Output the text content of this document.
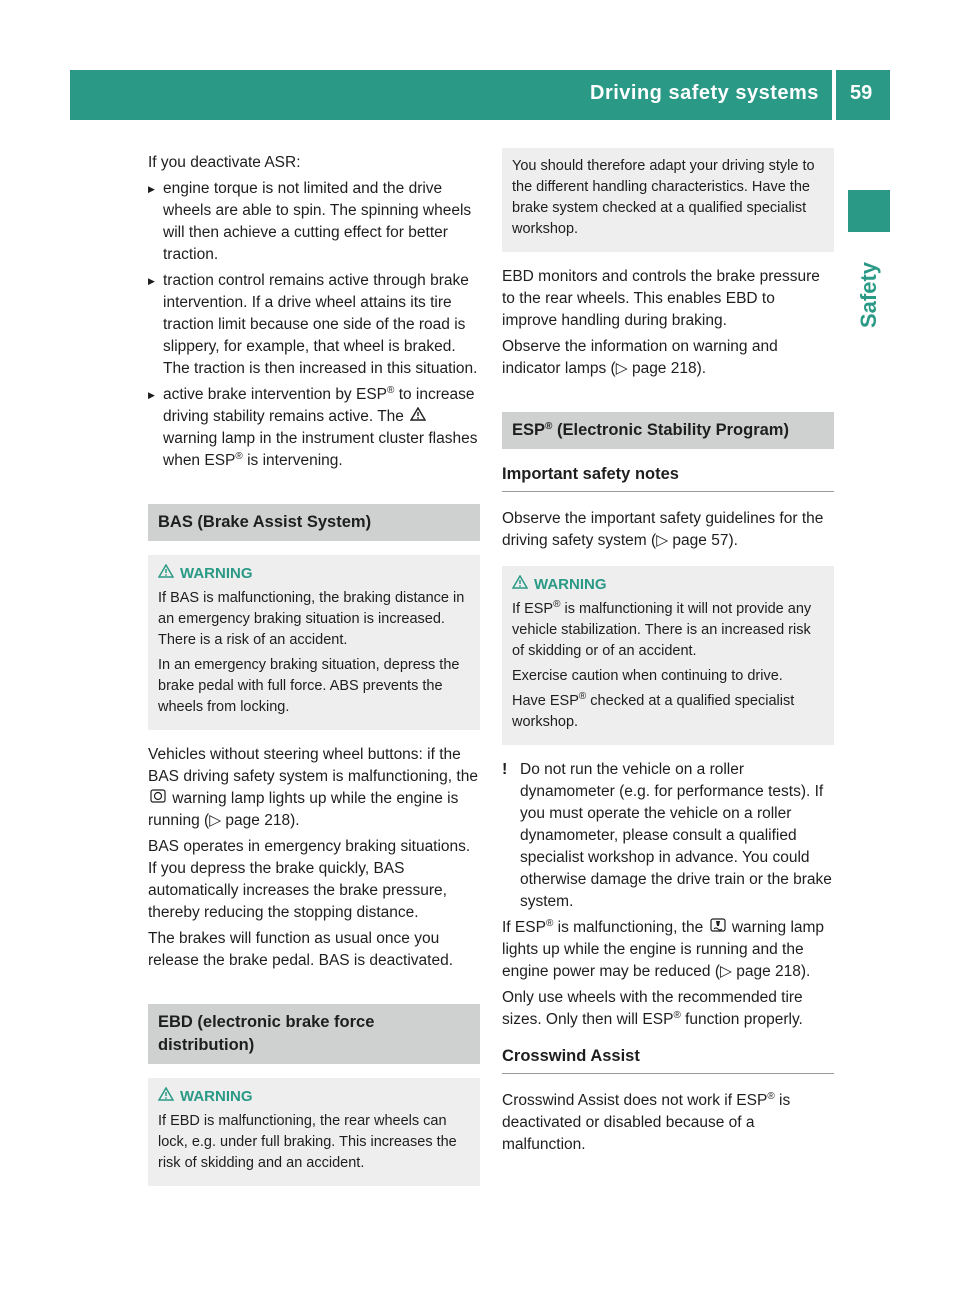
Driving safety systems 59
Safety

If you deactivate ASR:

▶ engine torque is not limited and the drive wheels are able to spin. The spinning wheels will then achieve a cutting effect for better traction.
▶ traction control remains active through brake intervention. If a drive wheel attains its tire traction limit because one side of the road is slippery, for example, that wheel is braked. The traction is then increased in this situation.
▶ active brake intervention by ESP® to increase driving stability remains active. The  warning lamp in the instrument cluster flashes when ESP® is intervening.
BAS (Brake Assist System)
WARNING

If BAS is malfunctioning, the braking distance in an emergency braking situation is increased. There is a risk of an accident.

In an emergency braking situation, depress the brake pedal with full force. ABS prevents the wheels from locking.

Vehicles without steering wheel buttons: if the BAS driving safety system is malfunctioning, the  warning lamp lights up while the engine is running (▷ page 218).

BAS operates in emergency braking situations. If you depress the brake quickly, BAS automatically increases the brake pressure, thereby reducing the stopping distance.

The brakes will function as usual once you release the brake pedal. BAS is deactivated.

EBD (electronic brake force distribution)
WARNING

If EBD is malfunctioning, the rear wheels can lock, e.g. under full braking. This increases the risk of skidding and an accident.

You should therefore adapt your driving style to the different handling characteristics. Have the brake system checked at a qualified specialist workshop.

EBD monitors and controls the brake pressure to the rear wheels. This enables EBD to improve handling during braking.

Observe the information on warning and indicator lamps (▷ page 218).

ESP® (Electronic Stability Program)
Important safety notes

Observe the important safety guidelines for the driving safety system (▷ page 57).

WARNING

If ESP® is malfunctioning it will not provide any vehicle stabilization. There is an increased risk of skidding or of an accident.

Exercise caution when continuing to drive.

Have ESP® checked at a qualified specialist workshop.

! Do not run the vehicle on a roller dynamometer (e.g. for performance tests). If you must operate the vehicle on a roller dynamometer, please consult a qualified specialist workshop in advance. You could otherwise damage the drive train or the brake system.

If ESP® is malfunctioning, the  warning lamp lights up while the engine is running and the engine power may be reduced (▷ page 218).

Only use wheels with the recommended tire sizes. Only then will ESP® function properly.

Crosswind Assist

Crosswind Assist does not work if ESP® is deactivated or disabled because of a malfunction.
